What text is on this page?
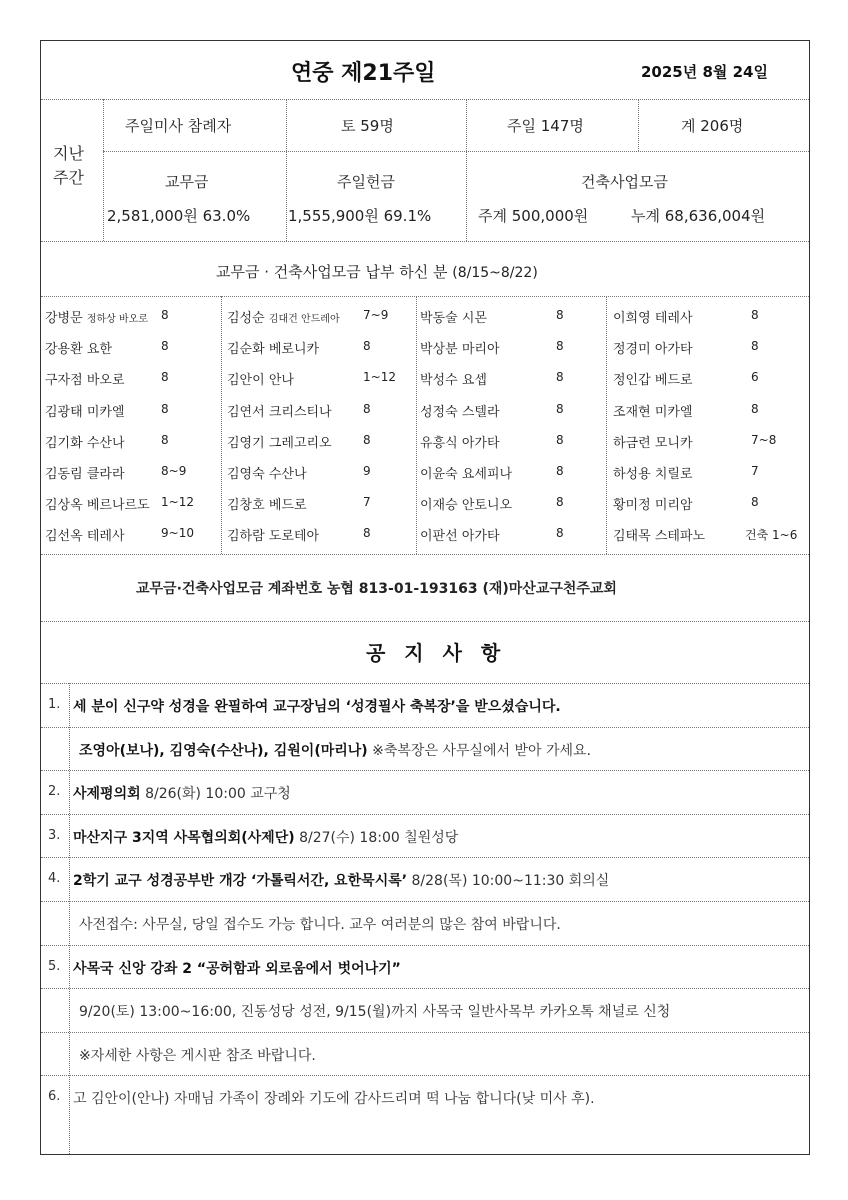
연중 제21주일	2025년 8월 24일
지난
주간
주일미사 참례자	토 59명	주일 147명	계 206명
교무금
2,581,000원 63.0%
주일헌금
1,555,900원 69.1%
건축사업모금
주계 500,000원	누계 68,636,004원
교무금 · 건축사업모금 납부 하신 분 (8/15~8/22)
강병문 정하상 바오로 8
강용환 요한	8
구자점 바오로	8
김광태 미카엘	8
김기화 수산나	8
김동림 클라라	8~9
김상옥 베르나르도 1~12
김선옥 테레사	9~10
김성순 김대건 안드레아 7~9
김순화 베로니카	8
김안이 안나	1~12
김연서 크리스티나	8
김영기 그레고리오	8
김영숙 수산나	9
김창호 베드로	7
김하람 도로테아	8
박동술 시몬	8
박상분 마리아	8
박성수 요셉	8
성정숙 스텔라	8
유흥식 아가타	8
이윤숙 요세피나	8
이재승 안토니오	8
이판선 아가타	8
이희영 테레사	8
정경미 아가타	8
정인갑 베드로	6
조재현 미카엘	8
하금련 모니카	7~8
하성용 치릴로	7
황미정 미리암	8
김태목 스테파노	건축 1~6
교무금·건축사업모금 계좌번호 농협 813-01-193163 (재)마산교구천주교회
공 지 사 항
1. 세 분이 신구약 성경을 완필하여 교구장님의 ‘성경필사 축복장’을 받으셨습니다.
조영아(보나), 김영숙(수산나), 김원이(마리나) ※축복장은 사무실에서 받아 가세요.
2. 사제평의회 8/26(화) 10:00 교구청
3. 마산지구 3지역 사목협의회(사제단) 8/27(수) 18:00 칠원성당
4. 2학기 교구 성경공부반 개강 ‘가톨릭서간, 요한묵시록’ 8/28(목) 10:00~11:30 회의실
사전접수: 사무실, 당일 접수도 가능 합니다. 교우 여러분의 많은 참여 바랍니다.
5. 사목국 신앙 강좌 2 “공허함과 외로움에서 벗어나기”
9/20(토) 13:00~16:00, 진동성당 성전, 9/15(월)까지 사목국 일반사목부 카카오톡 채널로 신청
※자세한 사항은 게시판 참조 바랍니다.
6. 고 김안이(안나) 자매님 가족이 장례와 기도에 감사드리며 떡 나눔 합니다(낮 미사 후).
